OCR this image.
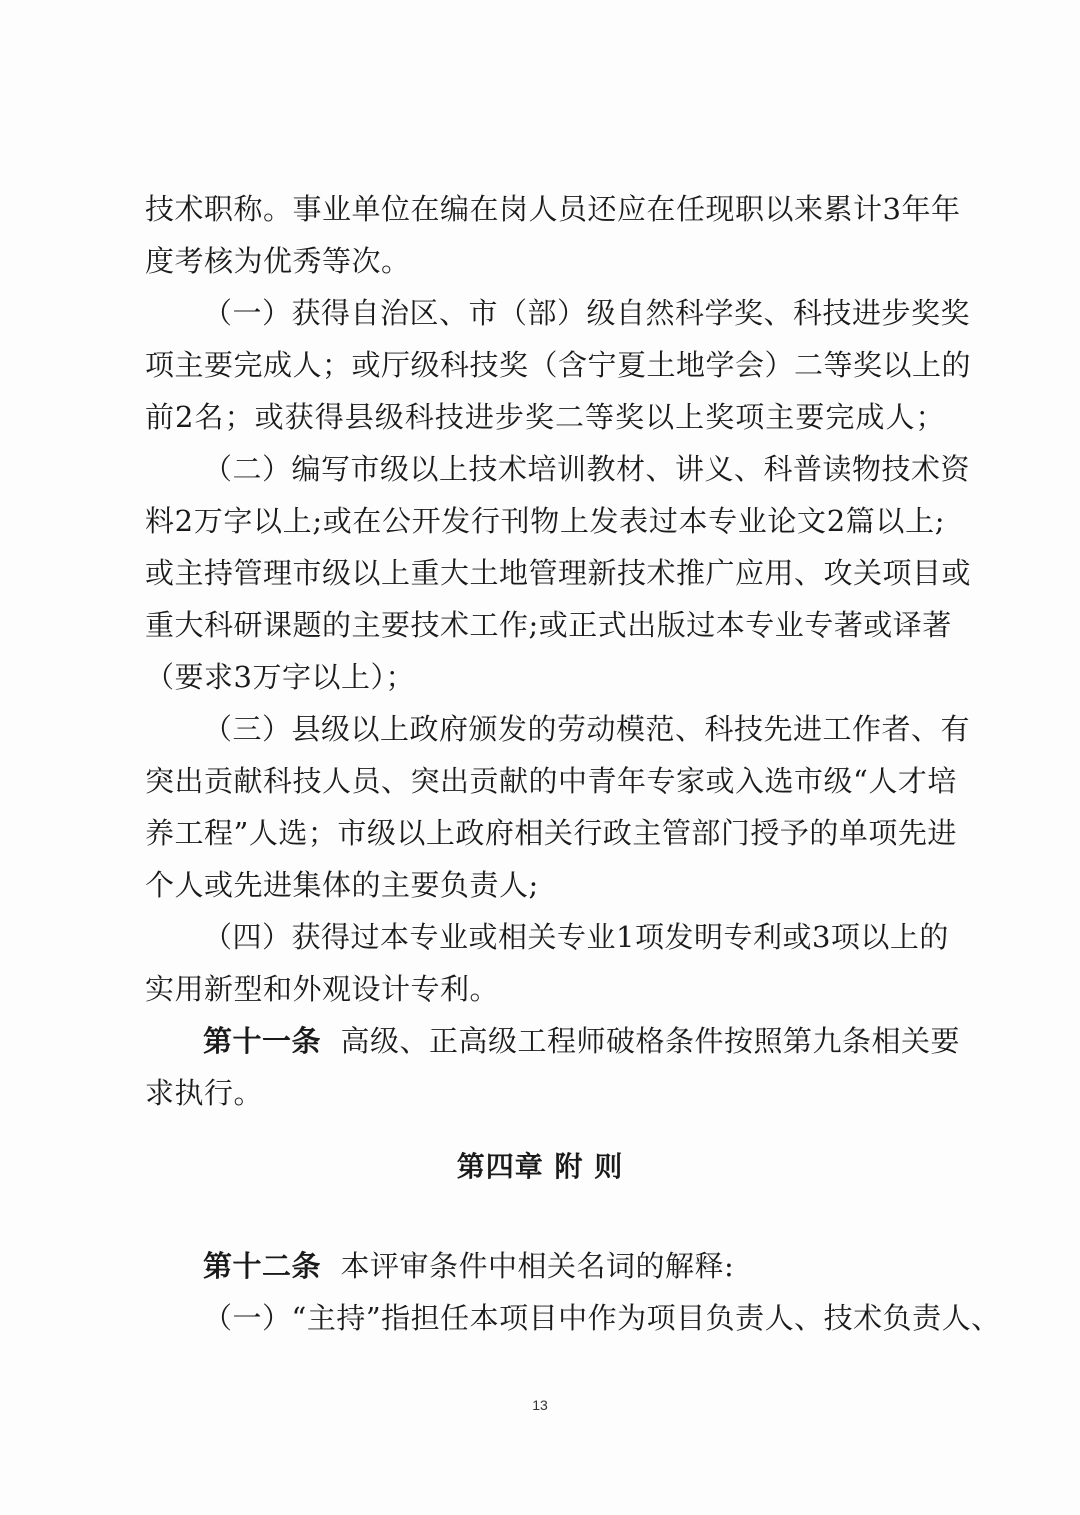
技术职称。事业单位在编在岗人员还应在任现职以来累计3年年
度考核为优秀等次。
（一）获得自治区、市（部）级自然科学奖、科技进步奖奖
项主要完成人；或厅级科技奖（含宁夏土地学会）二等奖以上的
前2名；或获得县级科技进步奖二等奖以上奖项主要完成人；
（二）编写市级以上技术培训教材、讲义、科普读物技术资
料2万字以上;或在公开发行刊物上发表过本专业论文2篇以上;
或主持管理市级以上重大土地管理新技术推广应用、攻关项目或
重大科研课题的主要技术工作;或正式出版过本专业专著或译著
（要求3万字以上）；
（三）县级以上政府颁发的劳动模范、科技先进工作者、有
突出贡献科技人员、突出贡献的中青年专家或入选市级“人才培
养工程”人选；市级以上政府相关行政主管部门授予的单项先进
个人或先进集体的主要负责人;
（四）获得过本专业或相关专业1项发明专利或3项以上的
实用新型和外观设计专利。
第十一条 高级、正高级工程师破格条件按照第九条相关要
求执行。
第四章 附 则
第十二条 本评审条件中相关名词的解释:
（一）“主持”指担任本项目中作为项目负责人、技术负责人、
13
